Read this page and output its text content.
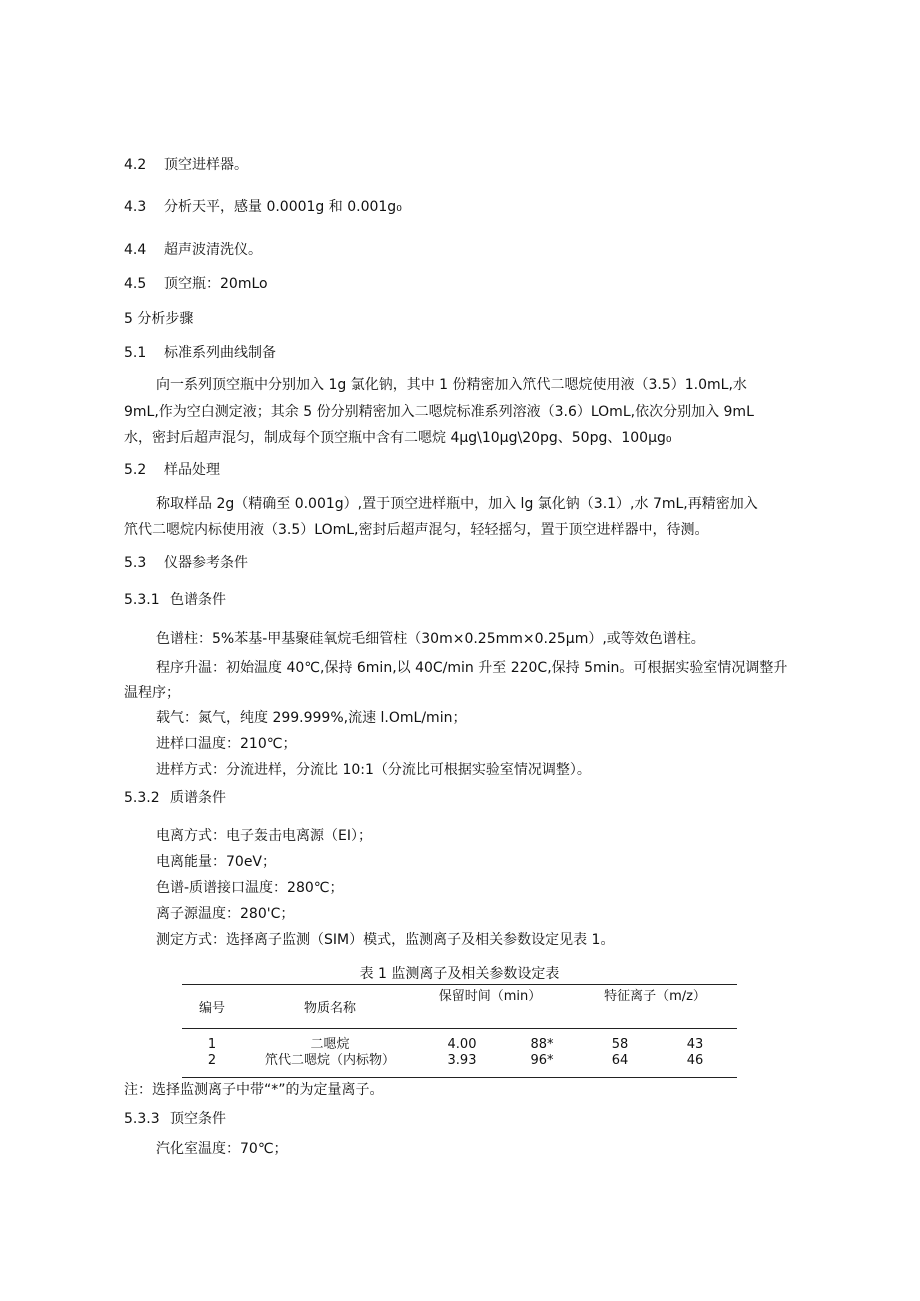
4.2 顶空进样器。
4.3 分析天平，感量 0.0001g 和 0.001g₀
4.4 超声波清洗仪。
4.5 顶空瓶：20mLo
5 分析步骤
5.1 标准系列曲线制备
向一系列顶空瓶中分别加入 1g 氯化钠，其中 1 份精密加入笊代二嗯烷使用液（3.5）1.0mL,水
9mL,作为空白测定液；其余 5 份分别精密加入二嗯烷标准系列溶液（3.6）LOmL,依次分别加入 9mL
水，密封后超声混匀，制成每个顶空瓶中含有二嗯烷 4μg\10μg\20pg、50pg、100μg₀
5.2 样品处理
称取样品 2g（精确至 0.001g）,置于顶空进样瓶中，加入 lg 氯化钠（3.1）,水 7mL,再精密加入
笊代二嗯烷内标使用液（3.5）LOmL,密封后超声混匀，轻轻摇匀，置于顶空进样器中，待测。
5.3 仪器参考条件
5.3.1 色谱条件
色谱柱：5%苯基-甲基聚硅氧烷毛细管柱（30m×0.25mm×0.25μm）,或等效色谱柱。
程序升温：初始温度 40℃,保持 6min,以 40C∕min 升至 220C,保持 5min。可根据实验室情况调整升
温程序；
载气：氮气，纯度 299.999%,流速 l.OmL/min；
进样口温度：210℃；
进样方式：分流进样，分流比 10:1（分流比可根据实验室情况调整）。
5.3.2 质谱条件
电离方式：电子轰击电离源（EI）；
电离能量：70eV；
色谱-质谱接口温度：280℃；
离子源温度：280'C；
测定方式：选择离子监测（SIM）模式，监测离子及相关参数设定见表 1。
表 1 监测离子及相关参数设定表
编号	物质名称
保留时间（min）	特征离子（m∕z）
1	二嗯烷	4.00	88*	58	43
2	笊代二嗯烷（内标物）	3.93	96*	64	46
注：选择监测离子中带“*”的为定量离子。
5.3.3 顶空条件
汽化室温度：70℃；
